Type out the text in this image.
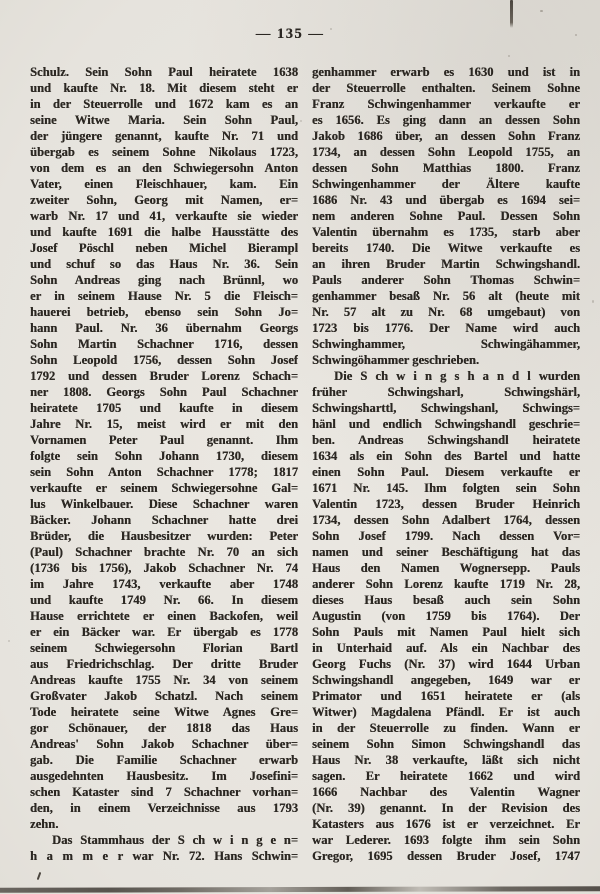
— 135 —
Schulz. Sein Sohn Paul heiratete 1638
und kaufte Nr. 18. Mit diesem steht er
in der Steuerrolle und 1672 kam es an
seine Witwe Maria. Sein Sohn Paul,
der jüngere genannt, kaufte Nr. 71 und
übergab es seinem Sohne Nikolaus 1723,
von dem es an den Schwiegersohn Anton
Vater, einen Fleischhauer, kam. Ein
zweiter Sohn, Georg mit Namen, er=
warb Nr. 17 und 41, verkaufte sie wieder
und kaufte 1691 die halbe Hausstätte des
Josef Pöschl neben Michel Bierampl
und schuf so das Haus Nr. 36. Sein
Sohn Andreas ging nach Brünnl, wo
er in seinem Hause Nr. 5 die Fleisch=
hauerei betrieb, ebenso sein Sohn Jo=
hann Paul. Nr. 36 übernahm Georgs
Sohn Martin Schachner 1716, dessen
Sohn Leopold 1756, dessen Sohn Josef
1792 und dessen Bruder Lorenz Schach=
ner 1808. Georgs Sohn Paul Schachner
heiratete 1705 und kaufte in diesem
Jahre Nr. 15, meist wird er mit den
Vornamen Peter Paul genannt. Ihm
folgte sein Sohn Johann 1730, diesem
sein Sohn Anton Schachner 1778; 1817
verkaufte er seinem Schwiegersohne Gal=
lus Winkelbauer. Diese Schachner waren
Bäcker. Johann Schachner hatte drei
Brüder, die Hausbesitzer wurden: Peter
(Paul) Schachner brachte Nr. 70 an sich
(1736 bis 1756), Jakob Schachner Nr. 74
im Jahre 1743, verkaufte aber 1748
und kaufte 1749 Nr. 66. In diesem
Hause errichtete er einen Backofen, weil
er ein Bäcker war. Er übergab es 1778
seinem Schwiegersohn Florian Bartl
aus Friedrichschlag. Der dritte Bruder
Andreas kaufte 1755 Nr. 34 von seinem
Großvater Jakob Schatzl. Nach seinem
Tode heiratete seine Witwe Agnes Gre=
gor Schönauer, der 1818 das Haus
Andreas' Sohn Jakob Schachner über=
gab. Die Familie Schachner erwarb
ausgedehnten Hausbesitz. Im Josefini=
schen Kataster sind 7 Schachner vorhan=
den, in einem Verzeichnisse aus 1793
zehn.
Das Stammhaus der S ch w i n g e n=
h a m m e r war Nr. 72. Hans Schwin=
genhammer erwarb es 1630 und ist in
der Steuerrolle enthalten. Seinem Sohne
Franz Schwingenhammer verkaufte er
es 1656. Es ging dann an dessen Sohn
Jakob 1686 über, an dessen Sohn Franz
1734, an dessen Sohn Leopold 1755, an
dessen Sohn Matthias 1800. Franz
Schwingenhammer der Ältere kaufte
1686 Nr. 43 und übergab es 1694 sei=
nem anderen Sohne Paul. Dessen Sohn
Valentin übernahm es 1735, starb aber
bereits 1740. Die Witwe verkaufte es
an ihren Bruder Martin Schwingshandl.
Pauls anderer Sohn Thomas Schwin=
genhammer besaß Nr. 56 alt (heute mit
Nr. 57 alt zu Nr. 68 umgebaut) von
1723 bis 1776. Der Name wird auch
Schwinghammer, Schwingähammer,
Schwingöhammer geschrieben.
Die S ch w i n g s h a n d l wurden
früher Schwingsharl, Schwingshärl,
Schwingsharttl, Schwingshanl, Schwings=
hänl und endlich Schwingshandl geschrie=
ben. Andreas Schwingshandl heiratete
1634 als ein Sohn des Bartel und hatte
einen Sohn Paul. Diesem verkaufte er
1671 Nr. 145. Ihm folgten sein Sohn
Valentin 1723, dessen Bruder Heinrich
1734, dessen Sohn Adalbert 1764, dessen
Sohn Josef 1799. Nach dessen Vor=
namen und seiner Beschäftigung hat das
Haus den Namen Wognersepp. Pauls
anderer Sohn Lorenz kaufte 1719 Nr. 28,
dieses Haus besaß auch sein Sohn
Augustin (von 1759 bis 1764). Der
Sohn Pauls mit Namen Paul hielt sich
in Unterhaid auf. Als ein Nachbar des
Georg Fuchs (Nr. 37) wird 1644 Urban
Schwingshandl angegeben, 1649 war er
Primator und 1651 heiratete er (als
Witwer) Magdalena Pfändl. Er ist auch
in der Steuerrolle zu finden. Wann er
seinem Sohn Simon Schwingshandl das
Haus Nr. 38 verkaufte, läßt sich nicht
sagen. Er heiratete 1662 und wird
1666 Nachbar des Valentin Wagner
(Nr. 39) genannt. In der Revision des
Katasters aus 1676 ist er verzeichnet. Er
war Lederer. 1693 folgte ihm sein Sohn
Gregor, 1695 dessen Bruder Josef, 1747
